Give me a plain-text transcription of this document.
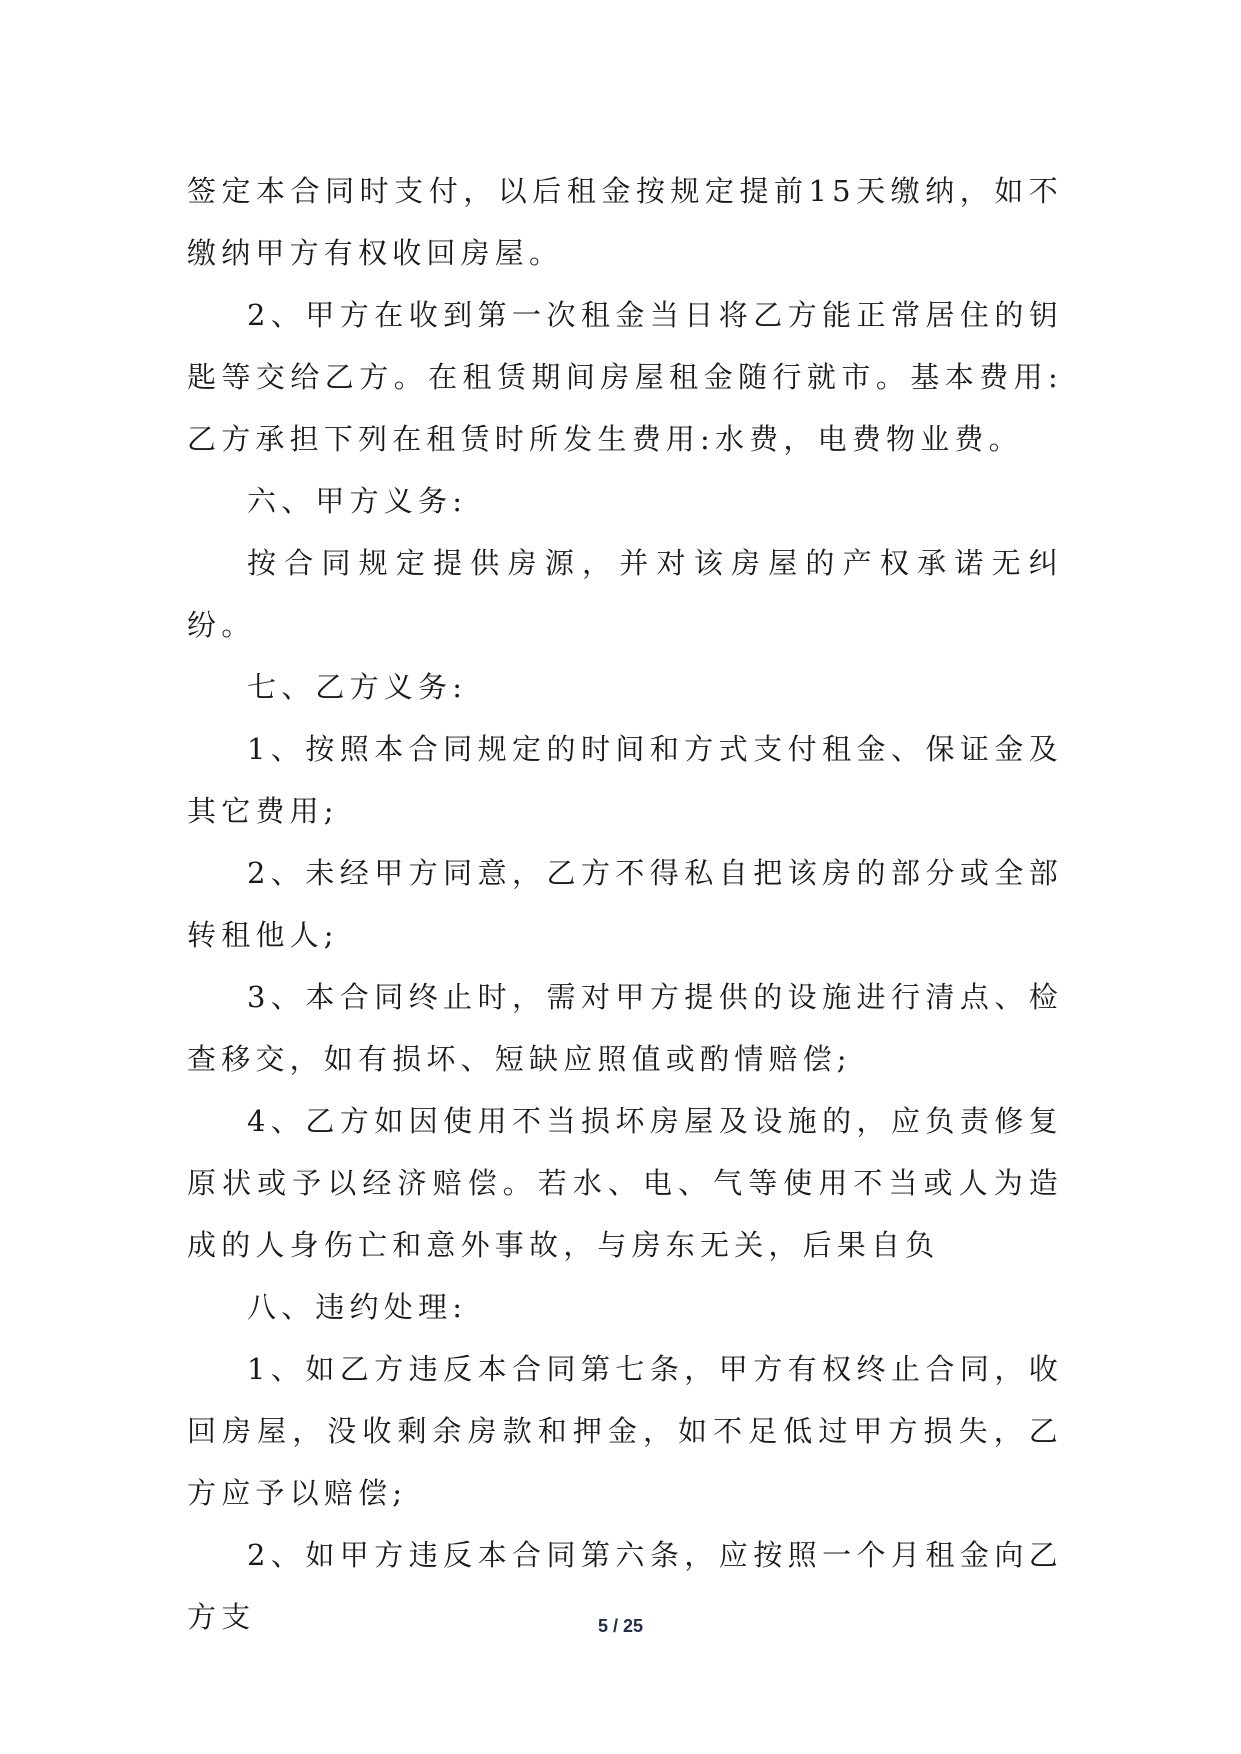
签定本合同时支付，以后租金按规定提前15天缴纳，如不缴纳甲方有权收回房屋。

2、甲方在收到第一次租金当日将乙方能正常居住的钥匙等交给乙方。在租赁期间房屋租金随行就市。基本费用:乙方承担下列在租赁时所发生费用:水费，电费物业费。

六、甲方义务:

按合同规定提供房源，并对该房屋的产权承诺无纠纷。

七、乙方义务:

1、按照本合同规定的时间和方式支付租金、保证金及其它费用;

2、未经甲方同意，乙方不得私自把该房的部分或全部转租他人;

3、本合同终止时，需对甲方提供的设施进行清点、检查移交，如有损坏、短缺应照值或酌情赔偿;

4、乙方如因使用不当损坏房屋及设施的，应负责修复原状或予以经济赔偿。若水、电、气等使用不当或人为造成的人身伤亡和意外事故，与房东无关，后果自负

八、违约处理:

1、如乙方违反本合同第七条，甲方有权终止合同，收回房屋，没收剩余房款和押金，如不足低过甲方损失，乙方应予以赔偿;

2、如甲方违反本合同第六条，应按照一个月租金向乙方支	5 / 25
